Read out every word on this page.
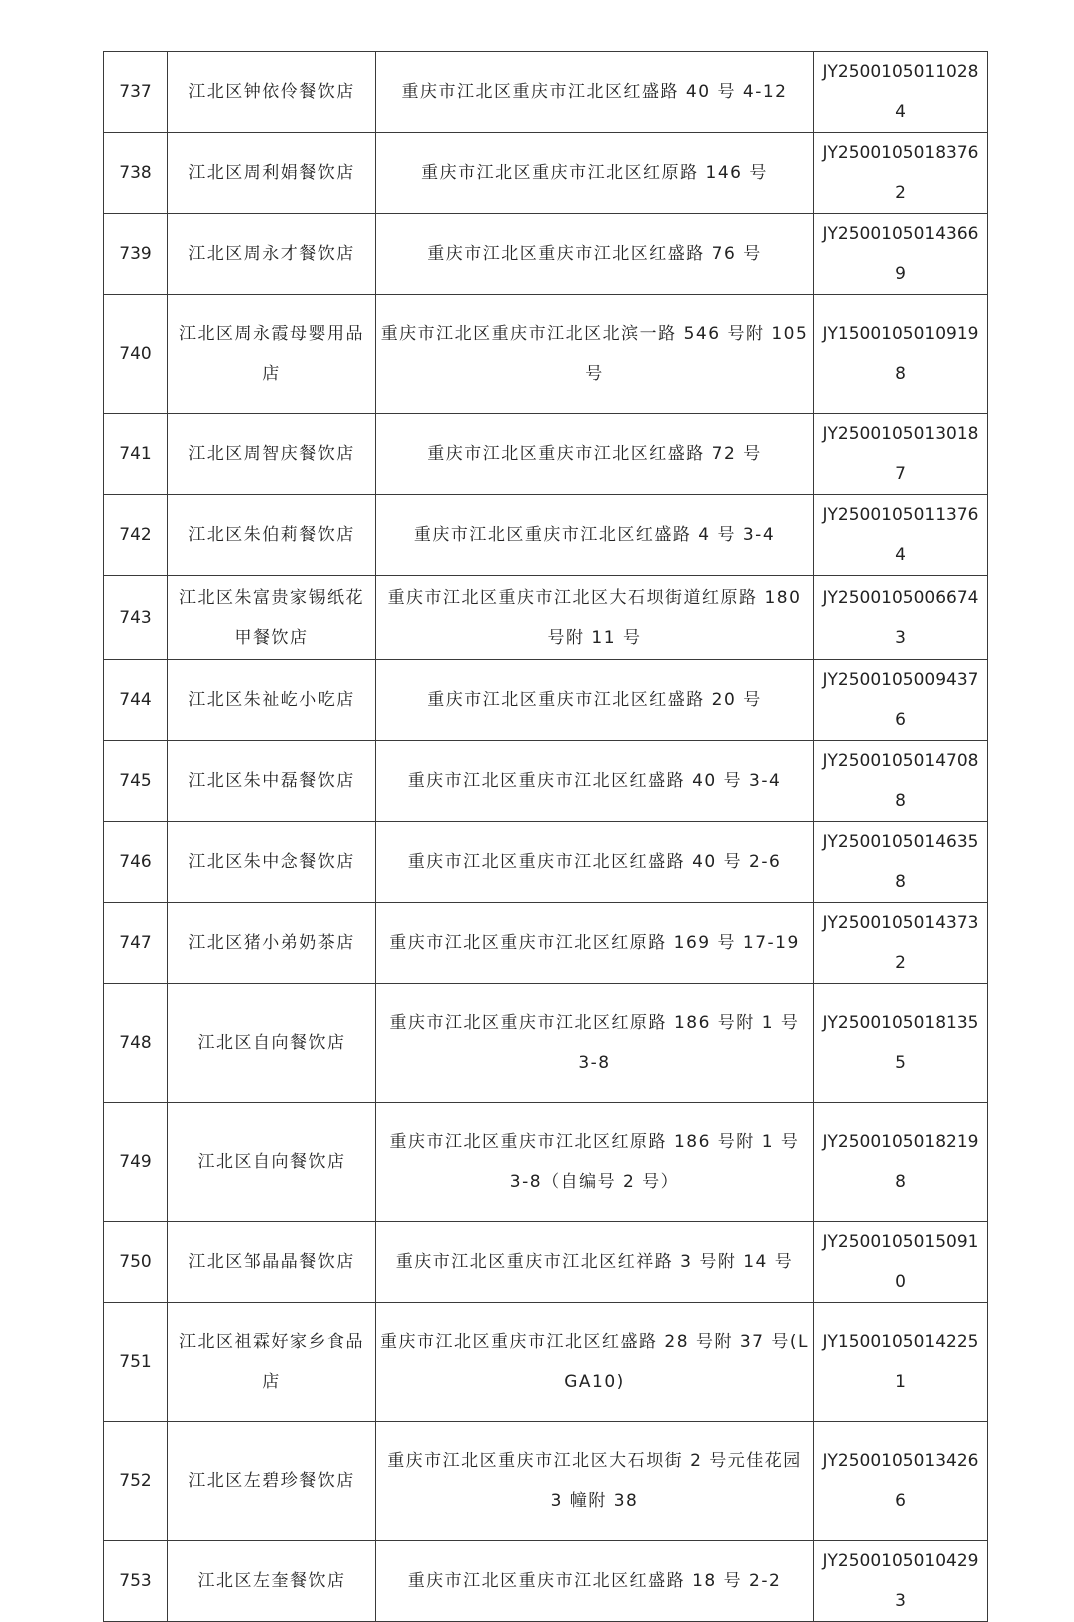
737	江北区钟依伶餐饮店	重庆市江北区重庆市江北区红盛路 40 号 4-12	JY25001050110284
738	江北区周利娟餐饮店	重庆市江北区重庆市江北区红原路 146 号	JY25001050183762
739	江北区周永才餐饮店	重庆市江北区重庆市江北区红盛路 76 号	JY25001050143669
740	江北区周永霞母婴用品店	重庆市江北区重庆市江北区北滨一路 546 号附 105 号	JY15001050109198
741	江北区周智庆餐饮店	重庆市江北区重庆市江北区红盛路 72 号	JY25001050130187
742	江北区朱伯莉餐饮店	重庆市江北区重庆市江北区红盛路 4 号 3-4	JY25001050113764
743	江北区朱富贵家锡纸花甲餐饮店	重庆市江北区重庆市江北区大石坝街道红原路 180 号附 11 号	JY25001050066743
744	江北区朱祉屹小吃店	重庆市江北区重庆市江北区红盛路 20 号	JY25001050094376
745	江北区朱中磊餐饮店	重庆市江北区重庆市江北区红盛路 40 号 3-4	JY25001050147088
746	江北区朱中念餐饮店	重庆市江北区重庆市江北区红盛路 40 号 2-6	JY25001050146358
747	江北区猪小弟奶茶店	重庆市江北区重庆市江北区红原路 169 号 17-19	JY25001050143732
748	江北区自向餐饮店	重庆市江北区重庆市江北区红原路 186 号附 1 号 3-8	JY25001050181355
749	江北区自向餐饮店	重庆市江北区重庆市江北区红原路 186 号附 1 号 3-8（自编号 2 号）	JY25001050182198
750	江北区邹晶晶餐饮店	重庆市江北区重庆市江北区红祥路 3 号附 14 号	JY25001050150910
751	江北区祖霖好家乡食品店	重庆市江北区重庆市江北区红盛路 28 号附 37 号(LGA10)	JY15001050142251
752	江北区左碧珍餐饮店	重庆市江北区重庆市江北区大石坝街 2 号元佳花园 3 幢附 38	JY25001050134266
753	江北区左奎餐饮店	重庆市江北区重庆市江北区红盛路 18 号 2-2	JY25001050104293
